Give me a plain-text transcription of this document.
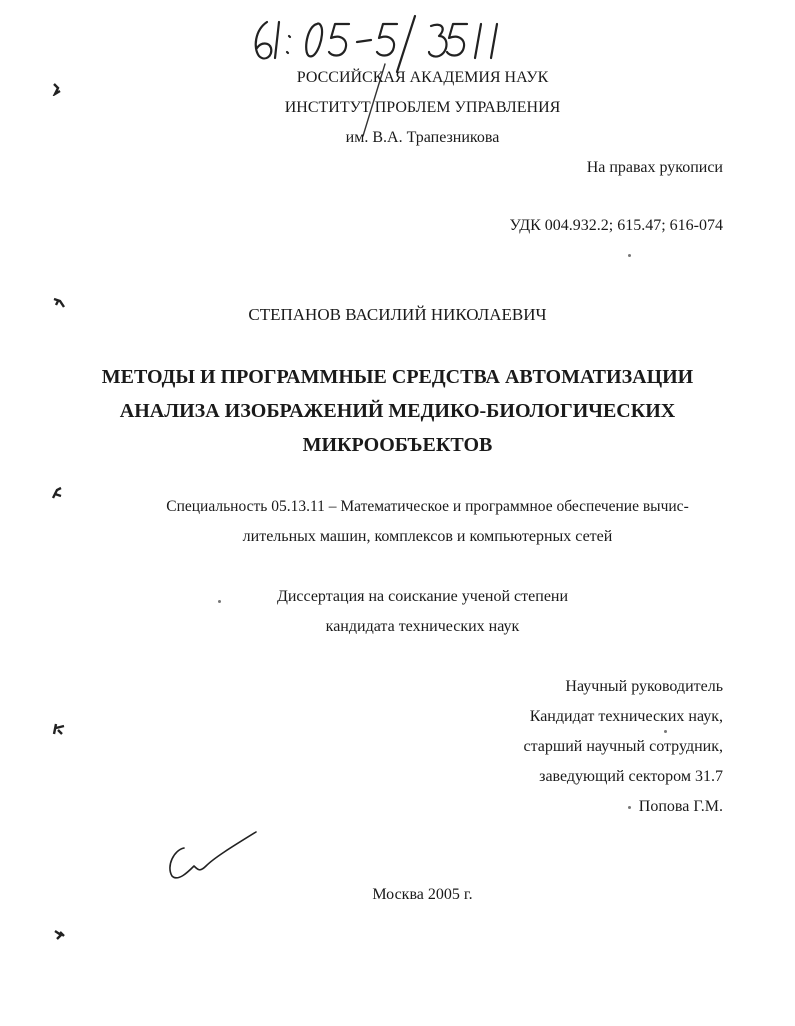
РОССИЙСКАЯ АКАДЕМИЯ НАУК
ИНСТИТУТ ПРОБЛЕМ УПРАВЛЕНИЯ
им. В.А. Трапезникова
На правах рукописи
УДК 004.932.2; 615.47; 616-074
СТЕПАНОВ ВАСИЛИЙ НИКОЛАЕВИЧ
МЕТОДЫ И ПРОГРАММНЫЕ СРЕДСТВА АВТОМАТИЗАЦИИ
АНАЛИЗА ИЗОБРАЖЕНИЙ МЕДИКО-БИОЛОГИЧЕСКИХ
МИКРООБЪЕКТОВ
Специальность 05.13.11 – Математическое и программное обеспечение вычис-
лительных машин, комплексов и компьютерных сетей
Диссертация на соискание ученой степени
кандидата технических наук
Научный руководитель
Кандидат технических наук,
старший научный сотрудник,
заведующий сектором 31.7
Попова Г.М.
Москва 2005 г.
